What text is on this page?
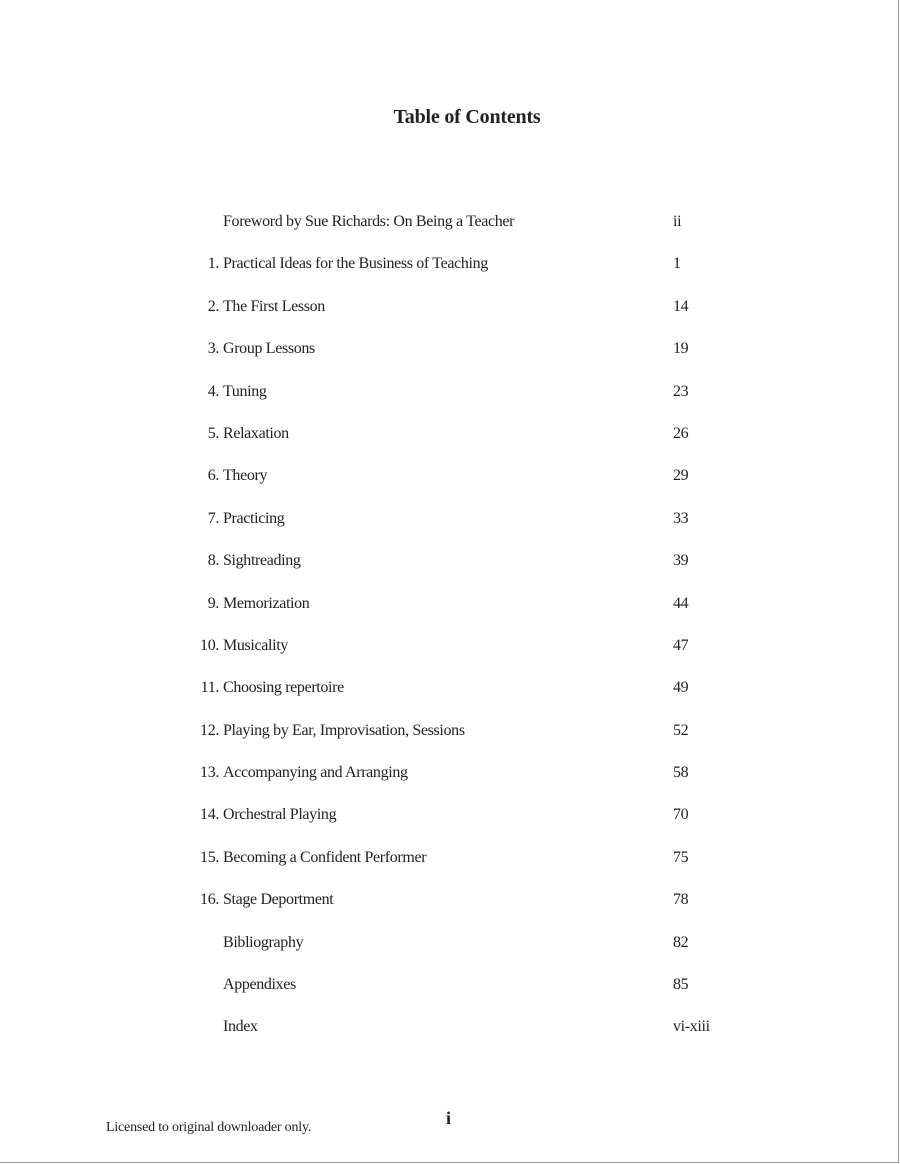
Table of Contents
Foreword by Sue Richards: On Being a Teacher	ii
1. Practical Ideas for the Business of Teaching	1
2. The First Lesson	14
3. Group Lessons	19
4. Tuning	23
5. Relaxation	26
6. Theory	29
7. Practicing	33
8. Sightreading	39
9. Memorization	44
10. Musicality	47
11. Choosing repertoire	49
12. Playing by Ear, Improvisation, Sessions	52
13. Accompanying and Arranging	58
14. Orchestral Playing	70
15. Becoming a Confident Performer	75
16. Stage Deportment	78
Bibliography	82
Appendixes	85
Index	vi-xiii
Licensed to original downloader only.	i
